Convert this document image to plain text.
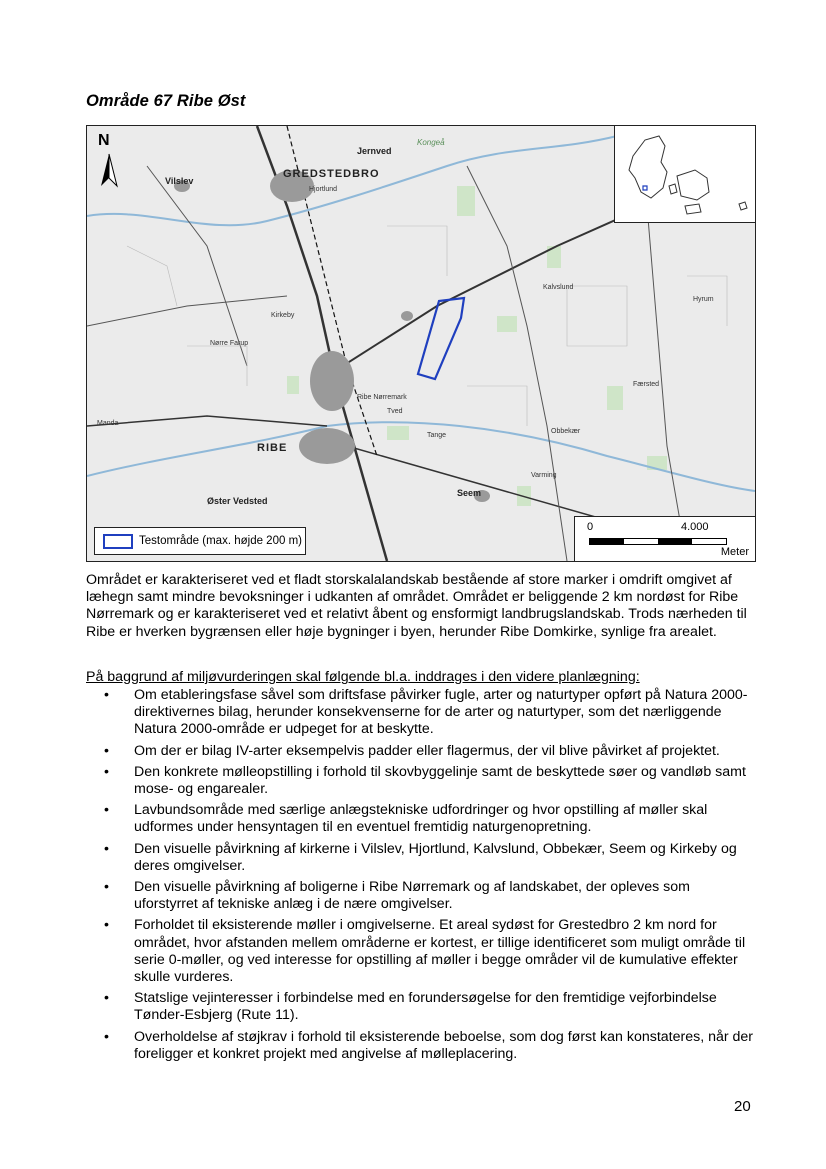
Område 67 Ribe Øst
Vilslev
GREDSTEDBRO
Hjortlund
Jernved
Kongeå
Kalvslund
Hyrum
Nørre Farup
Kirkeby
Ribe Nørremark
Tved
Færsted
RIBE
Tange
Obbekær
Varming
Seem
Manda
Øster Vedsted
N
Testområde (max. højde 200 m)
0	4.000
Meter

Området er karakteriseret ved et fladt storskalalandskab bestående af store marker i omdrift omgivet af læhegn samt mindre bevoksninger i udkanten af området. Området er beliggende 2 km nordøst for Ribe Nørremark og er karakteriseret ved et relativt åbent og ensformigt landbrugslandskab. Trods nærheden til Ribe er hverken bygrænsen eller høje bygninger i byen, herunder Ribe Domkirke, synlige fra arealet.

På baggrund af miljøvurderingen skal følgende bl.a. inddrages i den videre planlægning:

• Om etableringsfase såvel som driftsfase påvirker fugle, arter og naturtyper opført på Natura 2000-direktivernes bilag, herunder konsekvenserne for de arter og naturtyper, som det nærliggende Natura 2000-område er udpeget for at beskytte.
• Om der er bilag IV-arter eksempelvis padder eller flagermus, der vil blive påvirket af projektet.
• Den konkrete mølleopstilling i forhold til skovbyggelinje samt de beskyttede søer og vandløb samt mose- og engarealer.
• Lavbundsområde med særlige anlægstekniske udfordringer og hvor opstilling af møller skal udformes under hensyntagen til en eventuel fremtidig naturgenopretning.
• Den visuelle påvirkning af kirkerne i Vilslev, Hjortlund, Kalvslund, Obbekær, Seem og Kirkeby og deres omgivelser.
• Den visuelle påvirkning af boligerne i Ribe Nørremark og af landskabet, der opleves som uforstyrret af tekniske anlæg i de nære omgivelser.
• Forholdet til eksisterende møller i omgivelserne. Et areal sydøst for Grestedbro 2 km nord for området, hvor afstanden mellem områderne er kortest, er tillige identificeret som muligt område til serie 0-møller, og ved interesse for opstilling af møller i begge områder vil de kumulative effekter skulle vurderes.
• Statslige vejinteresser i forbindelse med en forundersøgelse for den fremtidige vejforbindelse Tønder-Esbjerg (Rute 11).
• Overholdelse af støjkrav i forhold til eksisterende beboelse, som dog først kan konstateres, når der foreligger et konkret projekt med angivelse af mølleplacering.
20
